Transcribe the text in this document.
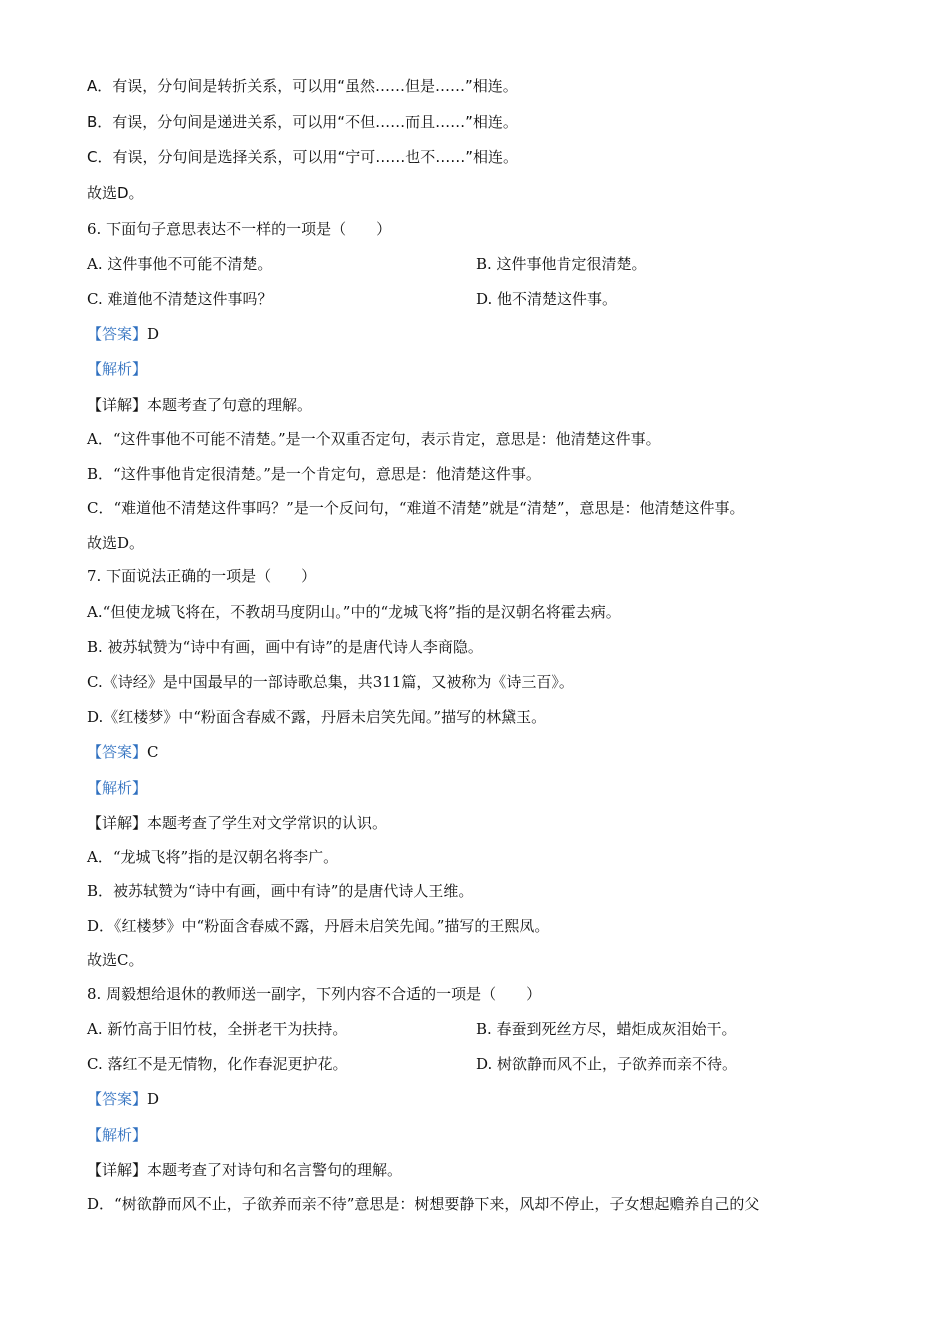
A．有误，分句间是转折关系，可以用“虽然……但是……”相连。
B．有误，分句间是递进关系，可以用“不但……而且……”相连。
C．有误，分句间是选择关系，可以用“宁可……也不……”相连。
故选D。
6. 下面句子意思表达不一样的一项是（　　）
A. 这件事他不可能不清楚。	B. 这件事他肯定很清楚。
C. 难道他不清楚这件事吗？	D. 他不清楚这件事。
【答案】D
【解析】
【详解】本题考查了句意的理解。
A．“这件事他不可能不清楚。”是一个双重否定句，表示肯定，意思是：他清楚这件事。
B．“这件事他肯定很清楚。”是一个肯定句，意思是：他清楚这件事。
C．“难道他不清楚这件事吗？”是一个反问句，“难道不清楚”就是“清楚”，意思是：他清楚这件事。
故选D。
7. 下面说法正确的一项是（　　）
A.“但使龙城飞将在，不教胡马度阴山。”中的“龙城飞将”指的是汉朝名将霍去病。
B. 被苏轼赞为“诗中有画，画中有诗”的是唐代诗人李商隐。
C.《诗经》是中国最早的一部诗歌总集，共311篇，又被称为《诗三百》。
D.《红楼梦》中“粉面含春威不露，丹唇未启笑先闻。”描写的林黛玉。
【答案】C
【解析】
【详解】本题考查了学生对文学常识的认识。
A．“龙城飞将”指的是汉朝名将李广。
B．被苏轼赞为“诗中有画，画中有诗”的是唐代诗人王维。
D．《红楼梦》中“粉面含春威不露，丹唇未启笑先闻。”描写的王熙凤。
故选C。
8. 周毅想给退休的教师送一副字，下列内容不合适的一项是（　　）
A. 新竹高于旧竹枝，全拼老干为扶持。	B. 春蚕到死丝方尽，蜡炬成灰泪始干。
C. 落红不是无情物，化作春泥更护花。	D. 树欲静而风不止，子欲养而亲不待。
【答案】D
【解析】
【详解】本题考查了对诗句和名言警句的理解。
D．“树欲静而风不止，子欲养而亲不待”意思是：树想要静下来，风却不停止，子女想起赡养自己的父
